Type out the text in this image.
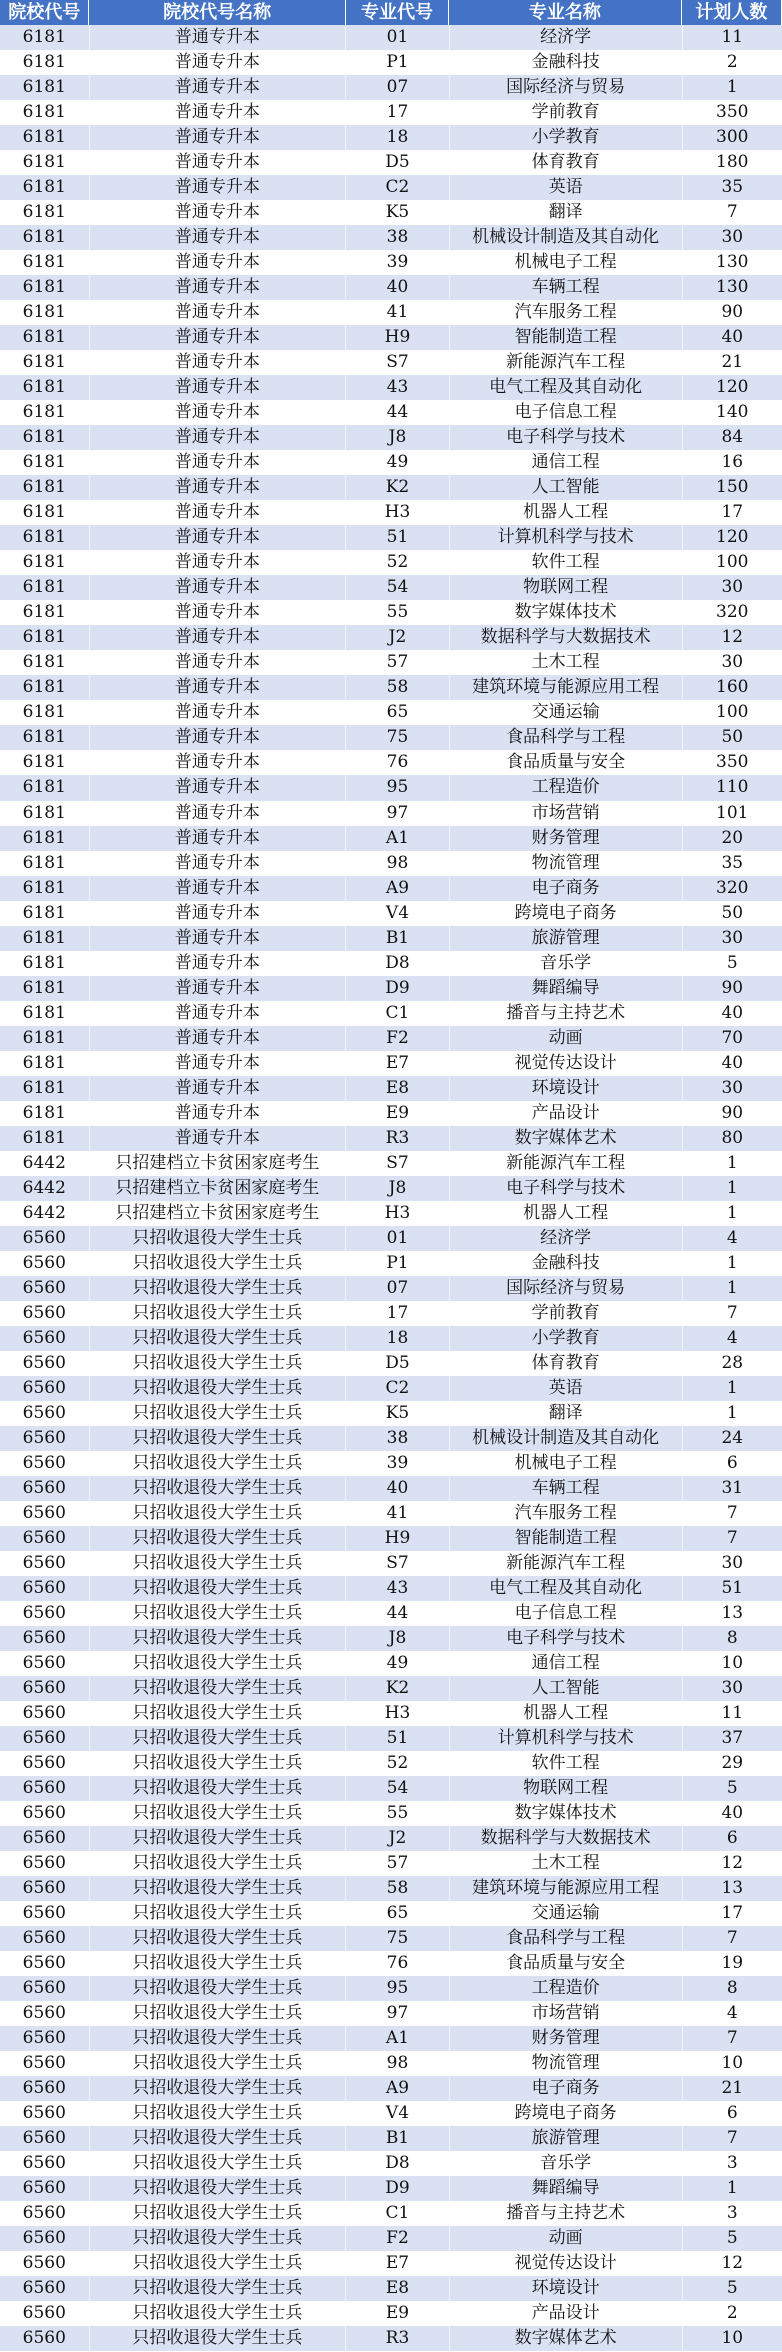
院校代号	院校代号名称	专业代号	专业名称	计划人数
6181	普通专升本	01	经济学	11
6181	普通专升本	P1	金融科技	2
6181	普通专升本	07	国际经济与贸易	1
6181	普通专升本	17	学前教育	350
6181	普通专升本	18	小学教育	300
6181	普通专升本	D5	体育教育	180
6181	普通专升本	C2	英语	35
6181	普通专升本	K5	翻译	7
6181	普通专升本	38	机械设计制造及其自动化	30
6181	普通专升本	39	机械电子工程	130
6181	普通专升本	40	车辆工程	130
6181	普通专升本	41	汽车服务工程	90
6181	普通专升本	H9	智能制造工程	40
6181	普通专升本	S7	新能源汽车工程	21
6181	普通专升本	43	电气工程及其自动化	120
6181	普通专升本	44	电子信息工程	140
6181	普通专升本	J8	电子科学与技术	84
6181	普通专升本	49	通信工程	16
6181	普通专升本	K2	人工智能	150
6181	普通专升本	H3	机器人工程	17
6181	普通专升本	51	计算机科学与技术	120
6181	普通专升本	52	软件工程	100
6181	普通专升本	54	物联网工程	30
6181	普通专升本	55	数字媒体技术	320
6181	普通专升本	J2	数据科学与大数据技术	12
6181	普通专升本	57	土木工程	30
6181	普通专升本	58	建筑环境与能源应用工程	160
6181	普通专升本	65	交通运输	100
6181	普通专升本	75	食品科学与工程	50
6181	普通专升本	76	食品质量与安全	350
6181	普通专升本	95	工程造价	110
6181	普通专升本	97	市场营销	101
6181	普通专升本	A1	财务管理	20
6181	普通专升本	98	物流管理	35
6181	普通专升本	A9	电子商务	320
6181	普通专升本	V4	跨境电子商务	50
6181	普通专升本	B1	旅游管理	30
6181	普通专升本	D8	音乐学	5
6181	普通专升本	D9	舞蹈编导	90
6181	普通专升本	C1	播音与主持艺术	40
6181	普通专升本	F2	动画	70
6181	普通专升本	E7	视觉传达设计	40
6181	普通专升本	E8	环境设计	30
6181	普通专升本	E9	产品设计	90
6181	普通专升本	R3	数字媒体艺术	80
6442	只招建档立卡贫困家庭考生	S7	新能源汽车工程	1
6442	只招建档立卡贫困家庭考生	J8	电子科学与技术	1
6442	只招建档立卡贫困家庭考生	H3	机器人工程	1
6560	只招收退役大学生士兵	01	经济学	4
6560	只招收退役大学生士兵	P1	金融科技	1
6560	只招收退役大学生士兵	07	国际经济与贸易	1
6560	只招收退役大学生士兵	17	学前教育	7
6560	只招收退役大学生士兵	18	小学教育	4
6560	只招收退役大学生士兵	D5	体育教育	28
6560	只招收退役大学生士兵	C2	英语	1
6560	只招收退役大学生士兵	K5	翻译	1
6560	只招收退役大学生士兵	38	机械设计制造及其自动化	24
6560	只招收退役大学生士兵	39	机械电子工程	6
6560	只招收退役大学生士兵	40	车辆工程	31
6560	只招收退役大学生士兵	41	汽车服务工程	7
6560	只招收退役大学生士兵	H9	智能制造工程	7
6560	只招收退役大学生士兵	S7	新能源汽车工程	30
6560	只招收退役大学生士兵	43	电气工程及其自动化	51
6560	只招收退役大学生士兵	44	电子信息工程	13
6560	只招收退役大学生士兵	J8	电子科学与技术	8
6560	只招收退役大学生士兵	49	通信工程	10
6560	只招收退役大学生士兵	K2	人工智能	30
6560	只招收退役大学生士兵	H3	机器人工程	11
6560	只招收退役大学生士兵	51	计算机科学与技术	37
6560	只招收退役大学生士兵	52	软件工程	29
6560	只招收退役大学生士兵	54	物联网工程	5
6560	只招收退役大学生士兵	55	数字媒体技术	40
6560	只招收退役大学生士兵	J2	数据科学与大数据技术	6
6560	只招收退役大学生士兵	57	土木工程	12
6560	只招收退役大学生士兵	58	建筑环境与能源应用工程	13
6560	只招收退役大学生士兵	65	交通运输	17
6560	只招收退役大学生士兵	75	食品科学与工程	7
6560	只招收退役大学生士兵	76	食品质量与安全	19
6560	只招收退役大学生士兵	95	工程造价	8
6560	只招收退役大学生士兵	97	市场营销	4
6560	只招收退役大学生士兵	A1	财务管理	7
6560	只招收退役大学生士兵	98	物流管理	10
6560	只招收退役大学生士兵	A9	电子商务	21
6560	只招收退役大学生士兵	V4	跨境电子商务	6
6560	只招收退役大学生士兵	B1	旅游管理	7
6560	只招收退役大学生士兵	D8	音乐学	3
6560	只招收退役大学生士兵	D9	舞蹈编导	1
6560	只招收退役大学生士兵	C1	播音与主持艺术	3
6560	只招收退役大学生士兵	F2	动画	5
6560	只招收退役大学生士兵	E7	视觉传达设计	12
6560	只招收退役大学生士兵	E8	环境设计	5
6560	只招收退役大学生士兵	E9	产品设计	2
6560	只招收退役大学生士兵	R3	数字媒体艺术	10
